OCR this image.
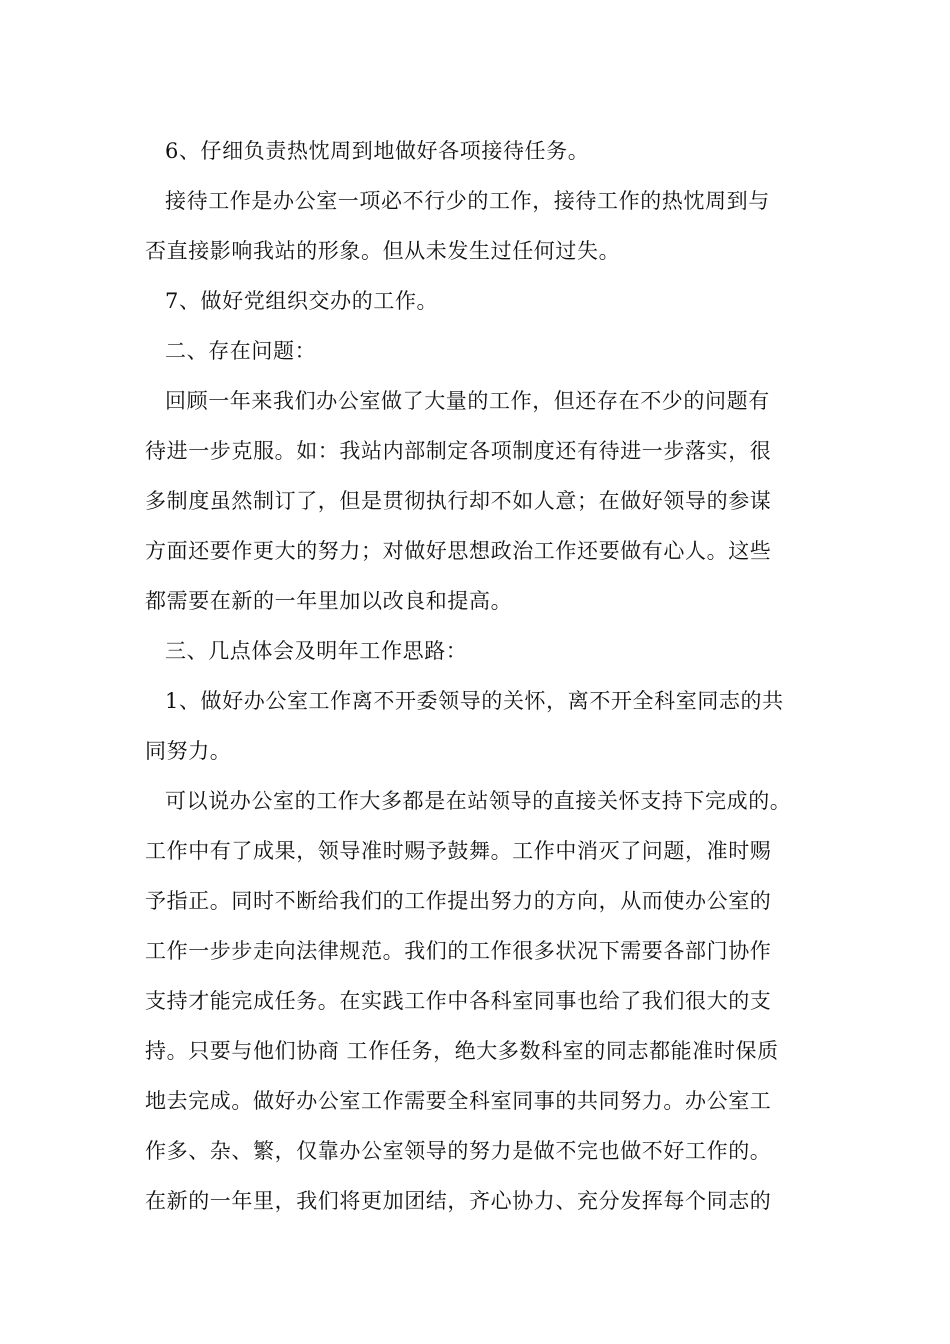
6、仔细负责热忱周到地做好各项接待任务。

接待工作是办公室一项必不行少的工作，接待工作的热忱周到与

否直接影响我站的形象。但从未发生过任何过失。

7、做好党组织交办的工作。

二、存在问题：

回顾一年来我们办公室做了大量的工作，但还存在不少的问题有

待进一步克服。如：我站内部制定各项制度还有待进一步落实，很

多制度虽然制订了，但是贯彻执行却不如人意；在做好领导的参谋

方面还要作更大的努力；对做好思想政治工作还要做有心人。这些

都需要在新的一年里加以改良和提高。

三、几点体会及明年工作思路：

1、做好办公室工作离不开委领导的关怀，离不开全科室同志的共

同努力。

可以说办公室的工作大多都是在站领导的直接关怀支持下完成的。

工作中有了成果，领导准时赐予鼓舞。工作中消灭了问题，准时赐

予指正。同时不断给我们的工作提出努力的方向，从而使办公室的

工作一步步走向法律规范。我们的工作很多状况下需要各部门协作

支持才能完成任务。在实践工作中各科室同事也给了我们很大的支

持。只要与他们协商 工作任务，绝大多数科室的同志都能准时保质

地去完成。做好办公室工作需要全科室同事的共同努力。办公室工

作多、杂、繁，仅靠办公室领导的努力是做不完也做不好工作的。

在新的一年里，我们将更加团结，齐心协力、充分发挥每个同志的
